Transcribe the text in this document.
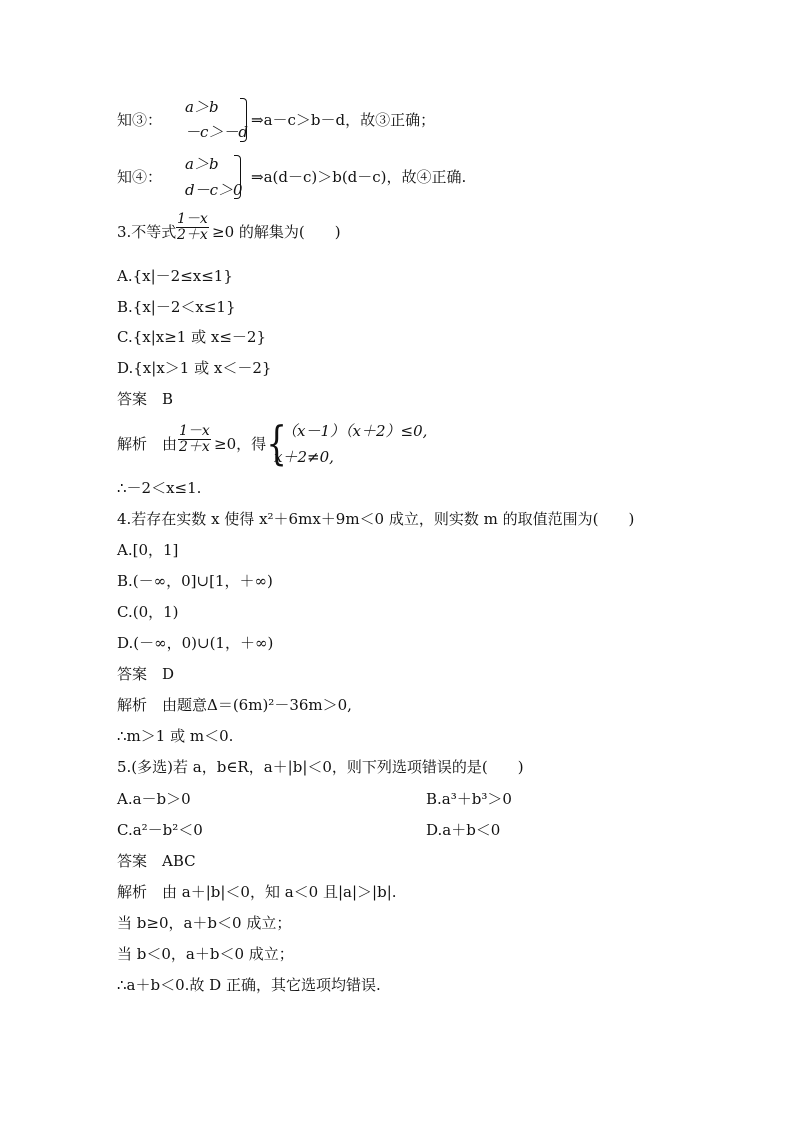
知③：
a＞b
－c＞－d
⇒a－c＞b－d，故③正确；
知④：
a＞b
d－c＞0
⇒a(d－c)＞b(d－c)，故④正确.
3.不等式 $\frac{1-x}{2+x} \ge 0$ 的解集为(　　)
A.{x|－2≤x≤1}
B.{x|－2＜x≤1}
C.{x|x≥1 或 x≤－2}
D.{x|x＞1 或 x＜－2}
答案　B
解析　由 $\frac{1-x}{2+x} \ge 0$，得 {
（x－1）（x＋2）≤0,
x＋2≠0,
∴－2＜x≤1.
4.若存在实数 x 使得 x²＋6mx＋9m＜0 成立，则实数 m 的取值范围为(　　)
A.[0，1]
B.(－∞，0]∪[1，＋∞)
C.(0，1)
D.(－∞，0)∪(1，＋∞)
答案　D
解析　由题意Δ＝(6m)²－36m＞0,
∴m＞1 或 m＜0.
5.(多选)若 a，b∈R，a＋|b|＜0，则下列选项错误的是(　　)
A.a－b＞0	B.a³＋b³＞0
C.a²－b²＜0	D.a＋b＜0
答案　ABC
解析　由 a＋|b|＜0，知 a＜0 且|a|＞|b|.
当 b≥0，a＋b＜0 成立；
当 b＜0，a＋b＜0 成立；
∴a＋b＜0.故 D 正确，其它选项均错误.
